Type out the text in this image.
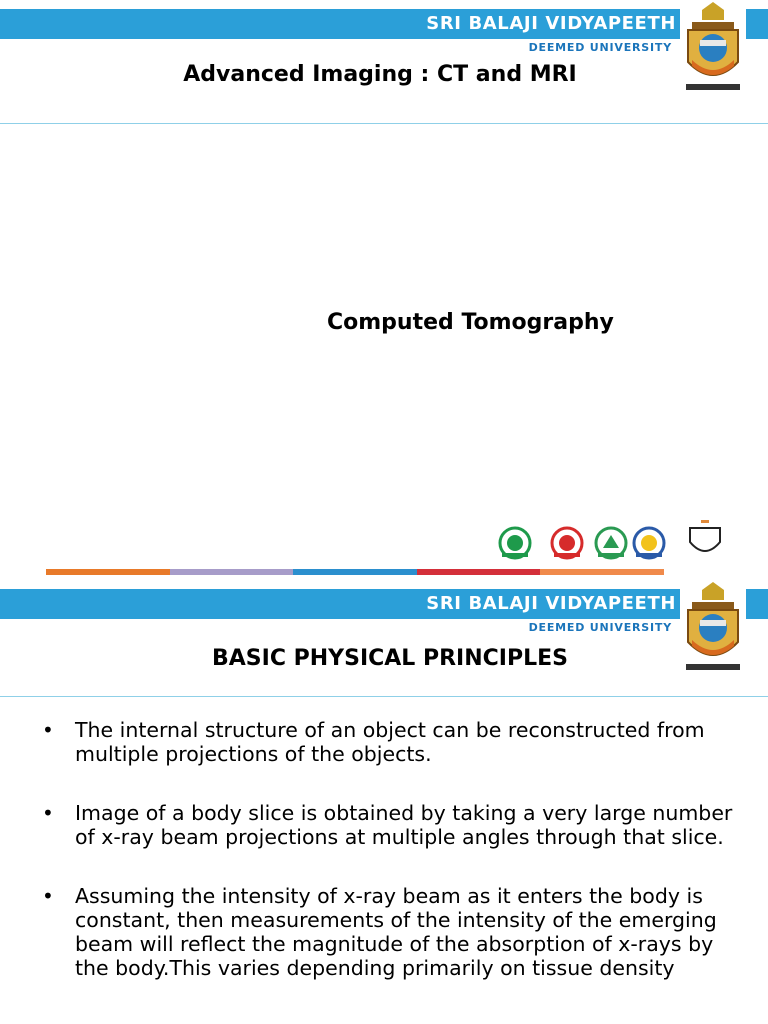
SRI BALAJI VIDYAPEETH
DEEMED UNIVERSITY
Advanced Imaging : CT and MRI
Computed Tomography
SRI BALAJI VIDYAPEETH
DEEMED UNIVERSITY
BASIC PHYSICAL PRINCIPLES
• The internal structure of an object can be reconstructed from multiple projections of the objects.
• Image of a body slice is obtained by taking a very large number of x-ray beam projections at multiple angles through that slice.
• Assuming the intensity of x-ray beam as it enters the body is constant, then measurements of the intensity of the emerging beam will reflect the magnitude of the absorption of x-rays by the body.This varies depending primarily on tissue density
